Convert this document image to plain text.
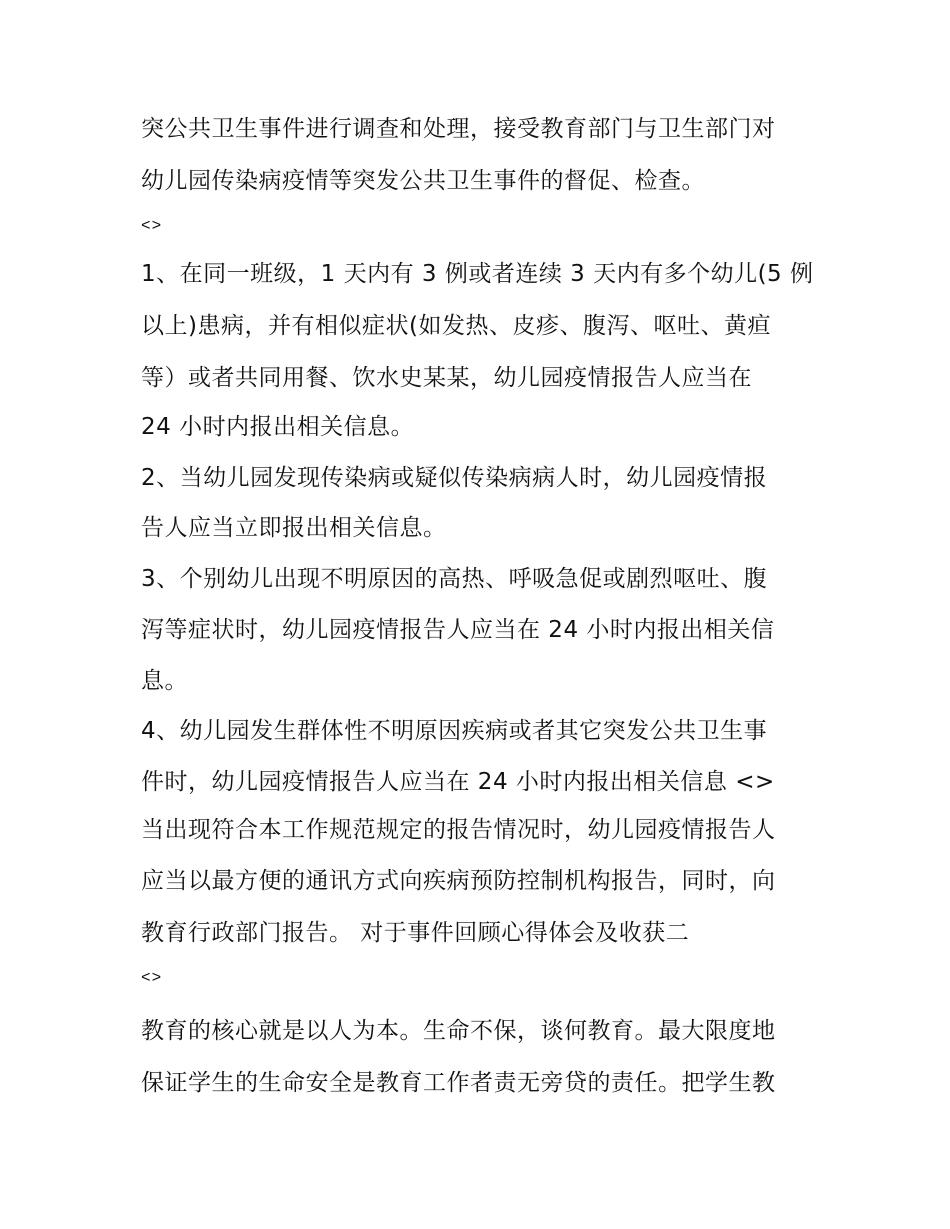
突公共卫生事件进行调查和处理，接受教育部门与卫生部门对
幼儿园传染病疫情等突发公共卫生事件的督促、检查。
<>
1、在同一班级，1 天内有 3 例或者连续 3 天内有多个幼儿(5 例
以上)患病，并有相似症状(如发热、皮疹、腹泻、呕吐、黄疸
等）或者共同用餐、饮水史某某，幼儿园疫情报告人应当在
24 小时内报出相关信息。
2、当幼儿园发现传染病或疑似传染病病人时，幼儿园疫情报
告人应当立即报出相关信息。
3、个别幼儿出现不明原因的高热、呼吸急促或剧烈呕吐、腹
泻等症状时，幼儿园疫情报告人应当在 24 小时内报出相关信
息。
4、幼儿园发生群体性不明原因疾病或者其它突发公共卫生事
件时，幼儿园疫情报告人应当在 24 小时内报出相关信息 <>
当出现符合本工作规范规定的报告情况时，幼儿园疫情报告人
应当以最方便的通讯方式向疾病预防控制机构报告，同时，向
教育行政部门报告。 对于事件回顾心得体会及收获二
<>
教育的核心就是以人为本。生命不保，谈何教育。最大限度地
保证学生的生命安全是教育工作者责无旁贷的责任。把学生教
